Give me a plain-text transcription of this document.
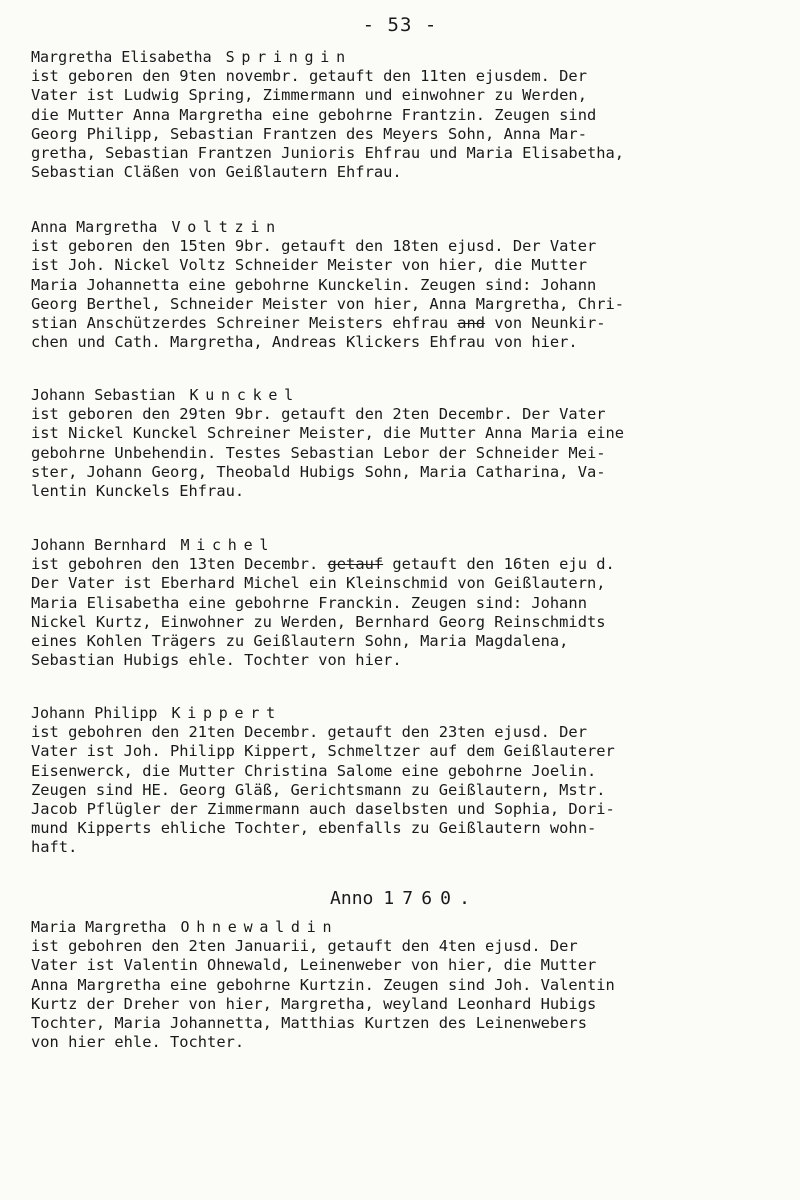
- 53 -

Margretha Elisabetha Springin

ist geboren den 9ten novembr. getauft den 11ten ejusdem. Der

Vater ist Ludwig Spring, Zimmermann und einwohner zu Werden,

die Mutter Anna Margretha eine gebohrne Frantzin. Zeugen sind

Georg Philipp, Sebastian Frantzen des Meyers Sohn, Anna Mar-

gretha, Sebastian Frantzen Junioris Ehfrau und Maria Elisabetha,

Sebastian Cläßen von Geißlautern Ehfrau.

Anna Margretha Voltzin

ist geboren den 15ten 9br. getauft den 18ten ejusd. Der Vater

ist Joh. Nickel Voltz Schneider Meister von hier, die Mutter

Maria Johannetta eine gebohrne Kunckelin. Zeugen sind: Johann

Georg Berthel, Schneider Meister von hier, Anna Margretha, Chri-

stian Anschützerdes Schreiner Meisters ehfrau and von Neunkir-

chen und Cath. Margretha, Andreas Klickers Ehfrau von hier.

Johann Sebastian Kunckel

ist geboren den 29ten 9br. getauft den 2ten Decembr. Der Vater

ist Nickel Kunckel Schreiner Meister, die Mutter Anna Maria eine

gebohrne Unbehendin. Testes Sebastian Lebor der Schneider Mei-

ster, Johann Georg, Theobald Hubigs Sohn, Maria Catharina, Va-

lentin Kunckels Ehfrau.

Johann Bernhard Michel

ist gebohren den 13ten Decembr. getauf getauft den 16ten eju d.

Der Vater ist Eberhard Michel ein Kleinschmid von Geißlautern,

Maria Elisabetha eine gebohrne Franckin. Zeugen sind: Johann

Nickel Kurtz, Einwohner zu Werden, Bernhard Georg Reinschmidts

eines Kohlen Trägers zu Geißlautern Sohn, Maria Magdalena,

Sebastian Hubigs ehle. Tochter von hier.

Johann Philipp Kippert

ist gebohren den 21ten Decembr. getauft den 23ten ejusd. Der

Vater ist Joh. Philipp Kippert, Schmeltzer auf dem Geißlauterer

Eisenwerck, die Mutter Christina Salome eine gebohrne Joelin.

Zeugen sind HE. Georg Gläß, Gerichtsmann zu Geißlautern, Mstr.

Jacob Pflügler der Zimmermann auch daselbsten und Sophia, Dori-

mund Kipperts ehliche Tochter, ebenfalls zu Geißlautern wohn-

haft.

Anno 1760.

Maria Margretha Ohnewaldin

ist gebohren den 2ten Januarii, getauft den 4ten ejusd. Der

Vater ist Valentin Ohnewald, Leinenweber von hier, die Mutter

Anna Margretha eine gebohrne Kurtzin. Zeugen sind Joh. Valentin

Kurtz der Dreher von hier, Margretha, weyland Leonhard Hubigs

Tochter, Maria Johannetta, Matthias Kurtzen des Leinenwebers

von hier ehle. Tochter.
